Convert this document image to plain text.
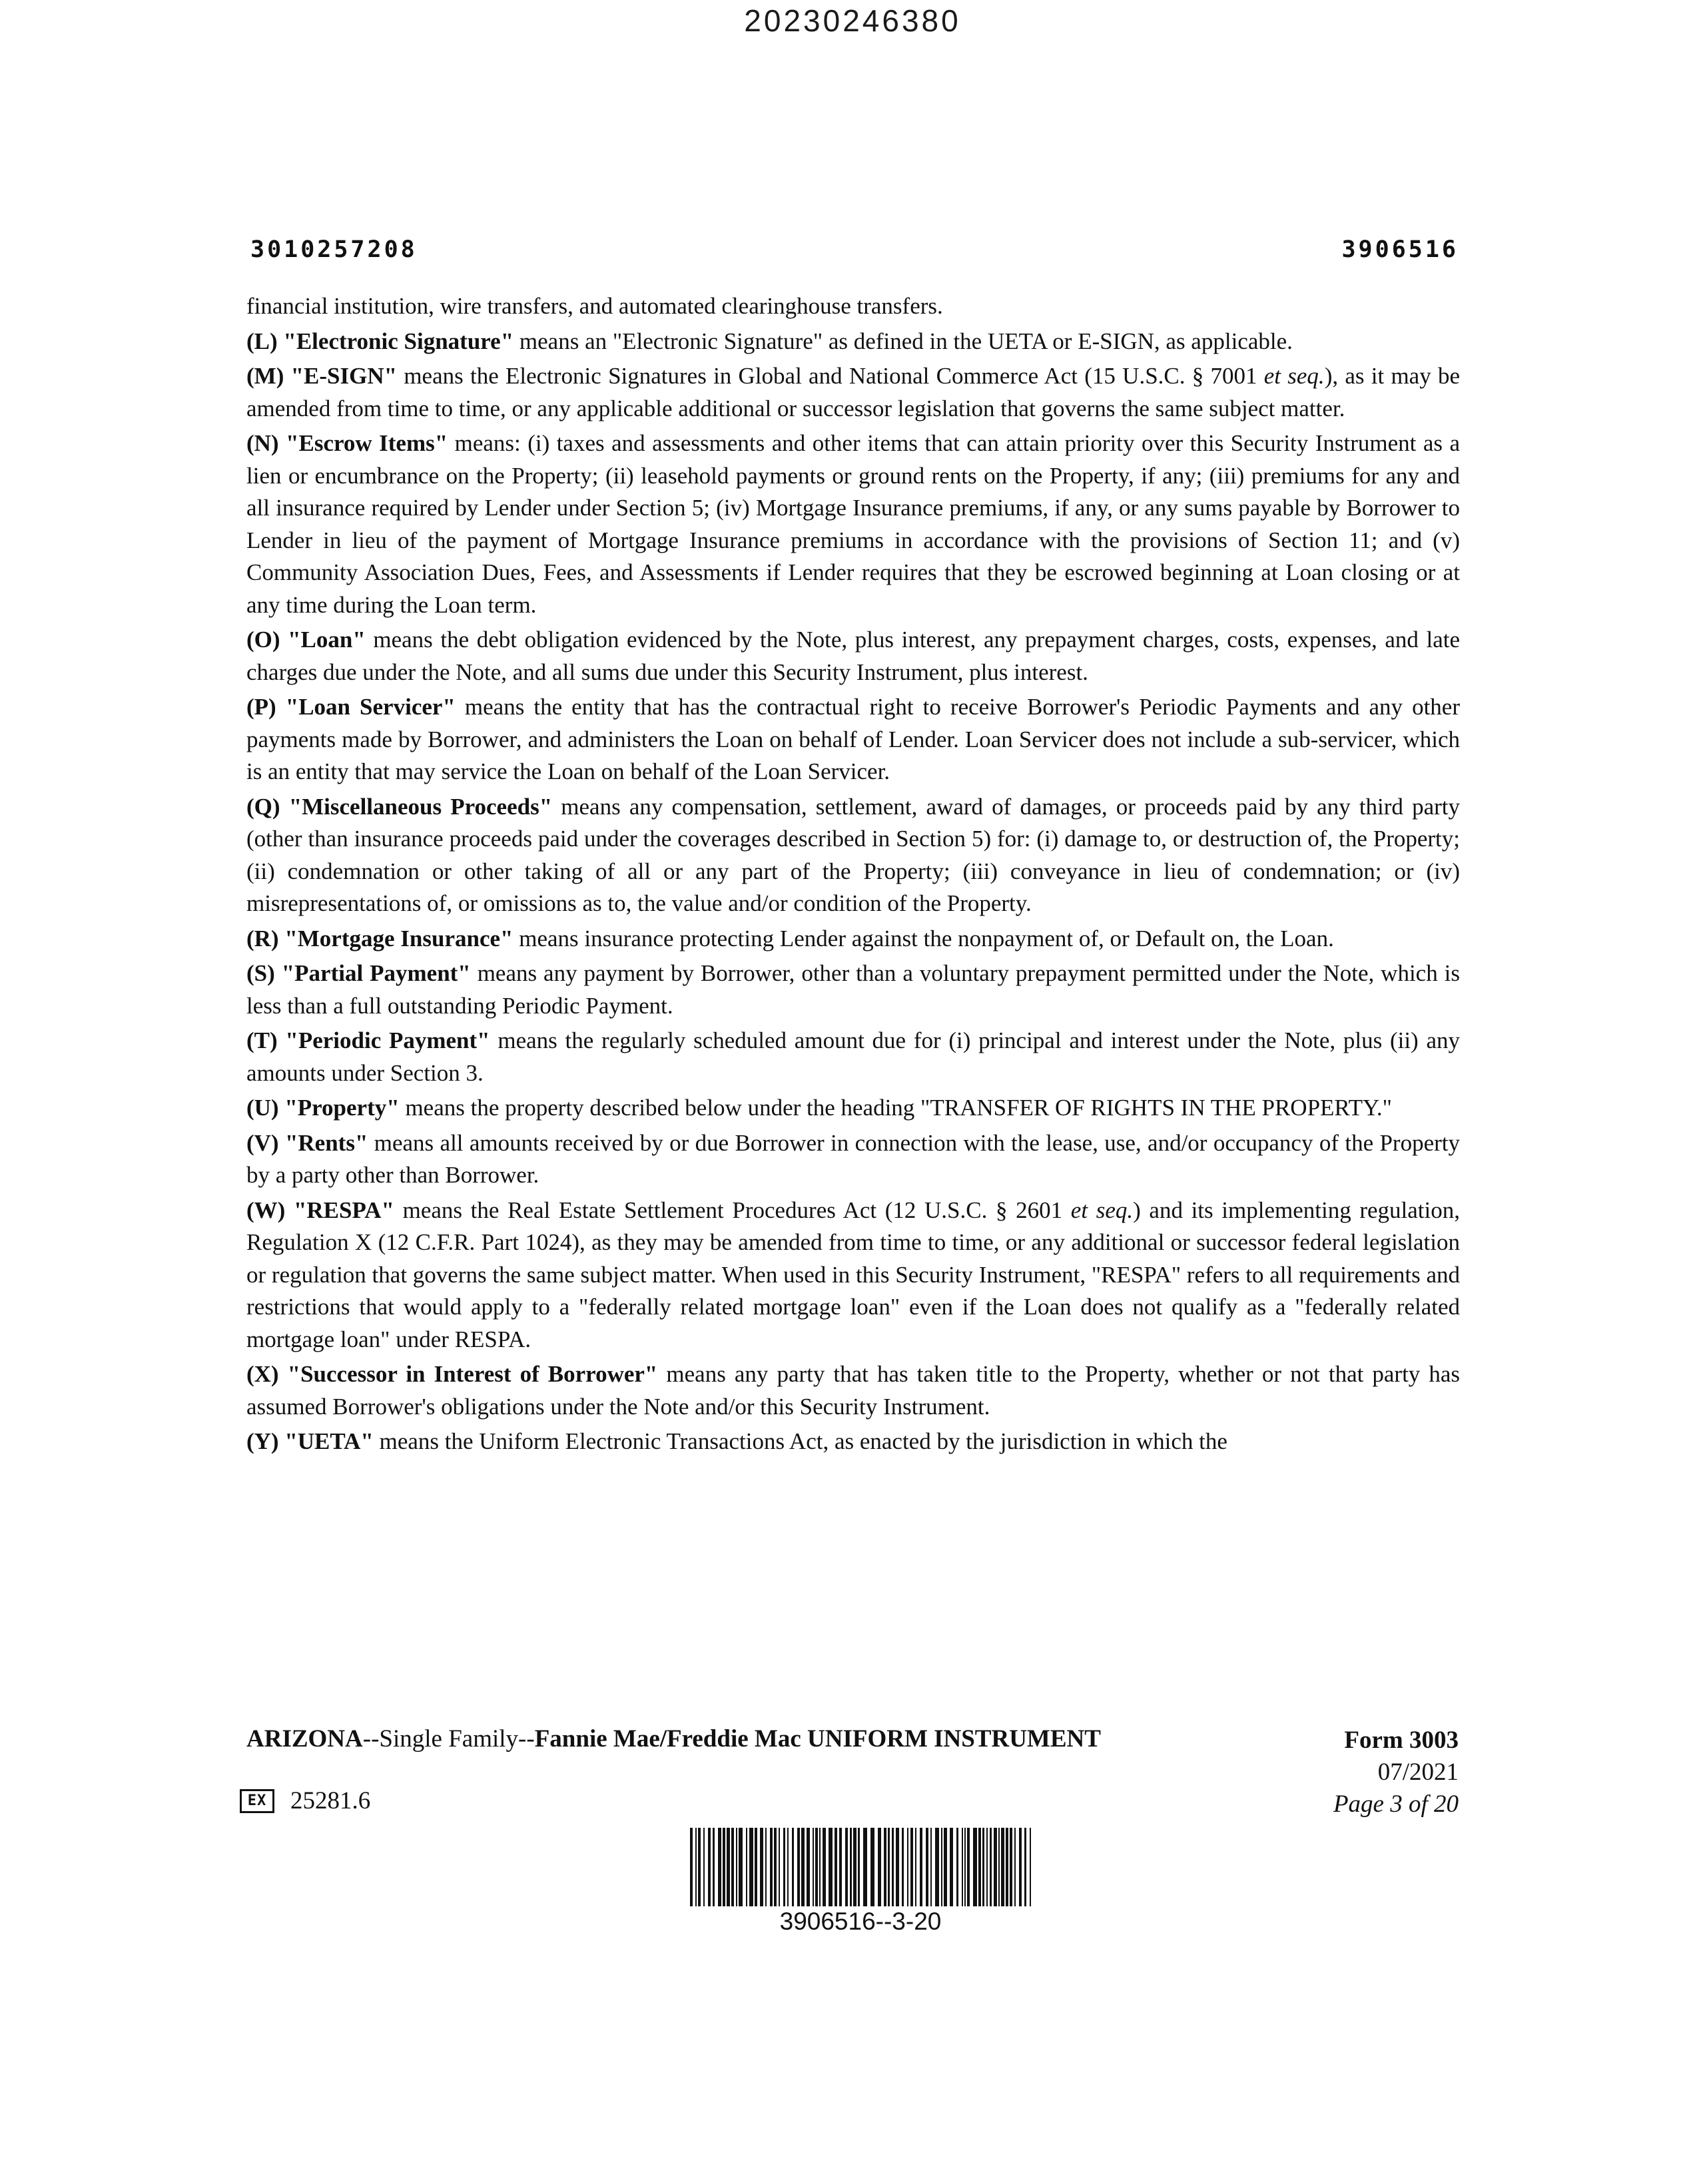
20230246380
3010257208	3906516

financial institution, wire transfers, and automated clearinghouse transfers.

(L) "Electronic Signature" means an "Electronic Signature" as defined in the UETA or E-SIGN, as applicable.

(M) "E-SIGN" means the Electronic Signatures in Global and National Commerce Act (15 U.S.C. § 7001 et seq.), as it may be amended from time to time, or any applicable additional or successor legislation that governs the same subject matter.

(N) "Escrow Items" means: (i) taxes and assessments and other items that can attain priority over this Security Instrument as a lien or encumbrance on the Property; (ii) leasehold payments or ground rents on the Property, if any; (iii) premiums for any and all insurance required by Lender under Section 5; (iv) Mortgage Insurance premiums, if any, or any sums payable by Borrower to Lender in lieu of the payment of Mortgage Insurance premiums in accordance with the provisions of Section 11; and (v) Community Association Dues, Fees, and Assessments if Lender requires that they be escrowed beginning at Loan closing or at any time during the Loan term.

(O) "Loan" means the debt obligation evidenced by the Note, plus interest, any prepayment charges, costs, expenses, and late charges due under the Note, and all sums due under this Security Instrument, plus interest.

(P) "Loan Servicer" means the entity that has the contractual right to receive Borrower's Periodic Payments and any other payments made by Borrower, and administers the Loan on behalf of Lender. Loan Servicer does not include a sub-servicer, which is an entity that may service the Loan on behalf of the Loan Servicer.

(Q) "Miscellaneous Proceeds" means any compensation, settlement, award of damages, or proceeds paid by any third party (other than insurance proceeds paid under the coverages described in Section 5) for: (i) damage to, or destruction of, the Property; (ii) condemnation or other taking of all or any part of the Property; (iii) conveyance in lieu of condemnation; or (iv) misrepresentations of, or omissions as to, the value and/or condition of the Property.

(R) "Mortgage Insurance" means insurance protecting Lender against the nonpayment of, or Default on, the Loan.

(S) "Partial Payment" means any payment by Borrower, other than a voluntary prepayment permitted under the Note, which is less than a full outstanding Periodic Payment.

(T) "Periodic Payment" means the regularly scheduled amount due for (i) principal and interest under the Note, plus (ii) any amounts under Section 3.

(U) "Property" means the property described below under the heading "TRANSFER OF RIGHTS IN THE PROPERTY."

(V) "Rents" means all amounts received by or due Borrower in connection with the lease, use, and/or occupancy of the Property by a party other than Borrower.

(W) "RESPA" means the Real Estate Settlement Procedures Act (12 U.S.C. § 2601 et seq.) and its implementing regulation, Regulation X (12 C.F.R. Part 1024), as they may be amended from time to time, or any additional or successor federal legislation or regulation that governs the same subject matter. When used in this Security Instrument, "RESPA" refers to all requirements and restrictions that would apply to a "federally related mortgage loan" even if the Loan does not qualify as a "federally related mortgage loan" under RESPA.

(X) "Successor in Interest of Borrower" means any party that has taken title to the Property, whether or not that party has assumed Borrower's obligations under the Note and/or this Security Instrument.

(Y) "UETA" means the Uniform Electronic Transactions Act, as enacted by the jurisdiction in which the

ARIZONA--Single Family--Fannie Mae/Freddie Mac UNIFORM INSTRUMENT	Form 3003
07/2021
Page 3 of 20
EX 25281.6
3906516--3-20
